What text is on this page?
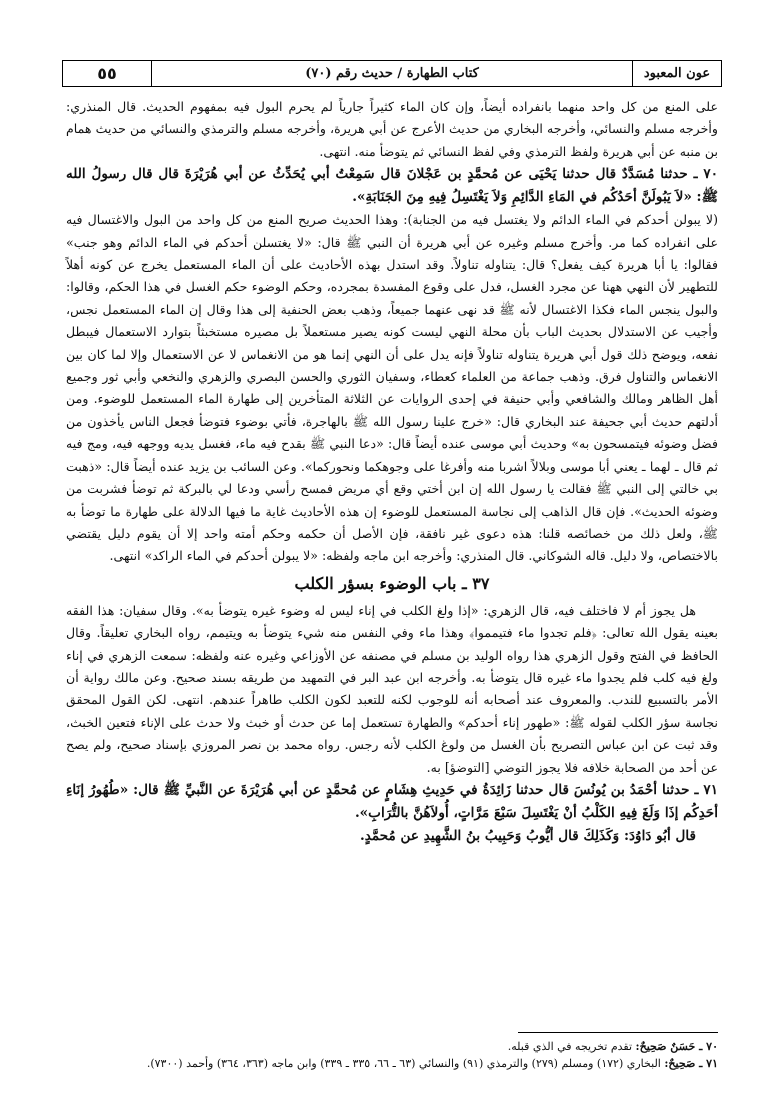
عون المعبود
كتاب الطهارة / حديث رقم (٧٠)
٥٥

على المنع من كل واحد منهما بانفراده أيضاً، وإن كان الماء كثيراً جارياً لم يحرم البول فيه بمفهوم الحديث. قال المنذري: وأخرجه مسلم والنسائي، وأخرجه البخاري من حديث الأعرج عن أبي هريرة، وأخرجه مسلم والترمذي والنسائي من حديث همام بن منبه عن أبي هريرة ولفظ الترمذي وفي لفظ النسائي ثم يتوضأ منه. انتهى.

٧٠ ـ حدثنا مُسَدَّدٌ قال حدثنا يَحْيَى عن مُحمَّدٍ بن عَجْلانَ قال سَمِعْتُ أبي يُحَدِّثُ عن أبي هُرَيْرَةَ قال قال رسولُ الله ﷺ: «لاَ يَبُولَنَّ أحَدُكُم في المَاءِ الدَّائِمِ وَلاَ يَغْتَسِلُ فِيهِ مِنَ الجَنَابَةِ».

(لا يبولن أحدكم في الماء الدائم ولا يغتسل فيه من الجنابة): وهذا الحديث صريح المنع من كل واحد من البول والاغتسال فيه على انفراده كما مر. وأخرج مسلم وغيره عن أبي هريرة أن النبي ﷺ قال: «لا يغتسلن أحدكم في الماء الدائم وهو جنب» فقالوا: يا أبا هريرة كيف يفعل؟ قال: يتناوله تناولاً. وقد استدل بهذه الأحاديث على أن الماء المستعمل يخرج عن كونه أهلاً للتطهير لأن النهي ههنا عن مجرد الغسل، فدل على وقوع المفسدة بمجرده، وحكم الوضوء حكم الغسل في هذا الحكم، وقالوا: والبول ينجس الماء فكذا الاغتسال لأنه ﷺ قد نهى عنهما جميعاً، وذهب بعض الحنفية إلى هذا وقال إن الماء المستعمل نجس، وأجيب عن الاستدلال بحديث الباب بأن محلة النهي ليست كونه يصير مستعملاً بل مصيره مستخبثاً بتوارد الاستعمال فيبطل نفعه، ويوضح ذلك قول أبي هريرة يتناوله تناولاً فإنه يدل على أن النهي إنما هو من الانغماس لا عن الاستعمال وإلا لما كان بين الانغماس والتناول فرق. وذهب جماعة من العلماء كعطاء، وسفيان الثوري والحسن البصري والزهري والنخعي وأبي ثور وجميع أهل الظاهر ومالك والشافعي وأبي حنيفة في إحدى الروايات عن الثلاثة المتأخرين إلى طهارة الماء المستعمل للوضوء. ومن أدلتهم حديث أبي جحيفة عند البخاري قال: «خرج علينا رسول الله ﷺ بالهاجرة، فأتي بوضوء فتوضأ فجعل الناس يأخذون من فضل وضوئه فيتمسحون به» وحديث أبي موسى عنده أيضاً قال: «دعا النبي ﷺ بقدح فيه ماء، فغسل يديه ووجهه فيه، ومج فيه ثم قال ـ لهما ـ يعني أبا موسى وبلالاً اشربا منه وأفرغا على وجوهكما ونحوركما». وعن السائب بن يزيد عنده أيضاً قال: «ذهبت بي خالتي إلى النبي ﷺ فقالت يا رسول الله إن ابن أختي وقع أي مريض فمسح رأسي ودعا لي بالبركة ثم توضأ فشربت من وضوئه الحديث». فإن قال الذاهب إلى نجاسة المستعمل للوضوء إن هذه الأحاديث غاية ما فيها الدلالة على طهارة ما توضأ به ﷺ، ولعل ذلك من خصائصه قلنا: هذه دعوى غير نافقة، فإن الأصل أن حكمه وحكم أمته واحد إلا أن يقوم دليل يقتضي بالاختصاص، ولا دليل. قاله الشوكاني. قال المنذري: وأخرجه ابن ماجه ولفظه: «لا يبولن أحدكم في الماء الراكد» انتهى.

٣٧ ـ باب الوضوء بسؤر الكلب

هل يجوز أم لا فاختلف فيه، قال الزهري: «إذا ولغ الكلب في إناء ليس له وضوء غيره يتوضأ به». وقال سفيان: هذا الفقه بعينه يقول الله تعالى: ﴿فلم تجدوا ماء فتيمموا﴾ وهذا ماء وفي النفس منه شيء يتوضأ به ويتيمم، رواه البخاري تعليقاً. وقال الحافظ في الفتح وقول الزهري هذا رواه الوليد بن مسلم في مصنفه عن الأوزاعي وغيره عنه ولفظه: سمعت الزهري في إناء ولغ فيه كلب فلم يجدوا ماء غيره قال يتوضأ به. وأخرجه ابن عبد البر في التمهيد من طريقه بسند صحيح. وعن مالك رواية أن الأمر بالتسبيع للندب. والمعروف عند أصحابه أنه للوجوب لكنه للتعبد لكون الكلب طاهراً عندهم. انتهى. لكن القول المحقق نجاسة سؤر الكلب لقوله ﷺ: «طهور إناء أحدكم» والطهارة تستعمل إما عن حدث أو خبث ولا حدث على الإناء فتعين الخبث، وقد ثبت عن ابن عباس التصريح بأن الغسل من ولوغ الكلب لأنه رجس. رواه محمد بن نصر المروزي بإسناد صحيح، ولم يصح عن أحد من الصحابة خلافه فلا يجوز التوضي [التوضؤ] به.

٧١ ـ حدثنا أحْمَدُ بن يُونُسَ قال حدثنا زَائِدَةُ في حَدِيثِ هِشَامٍ عن مُحمَّدٍ عن أبي هُرَيْرَةَ عن النَّبيِّ ﷺ قال: «طُهُورُ إنَاءِ أحَدِكُم إذَا وَلَغَ فِيهِ الكَلْبُ أنْ يَغْتَسِلَ سَبْعَ مَرَّاتٍ، أُولاَهُنَّ بالتُّرَابِ».

قال أبُو دَاوُدَ: وَكَذَلِكَ قال أيُّوبُ وَحَبِيبُ بنُ الشَّهِيدِ عن مُحمَّدٍ.

٧٠ ـ حَسَنٌ صَحِيحٌ: تقدم تخريجه في الذي قبله.
٧١ ـ صَحِيحٌ: البخاري (١٧٢) ومسلم (٢٧٩) والترمذي (٩١) والنسائي (٦٣ ـ ٦٦، ٣٣٥ ـ ٣٣٩) وابن ماجه (٣٦٣، ٣٦٤) وأحمد (٧٣٠٠).
